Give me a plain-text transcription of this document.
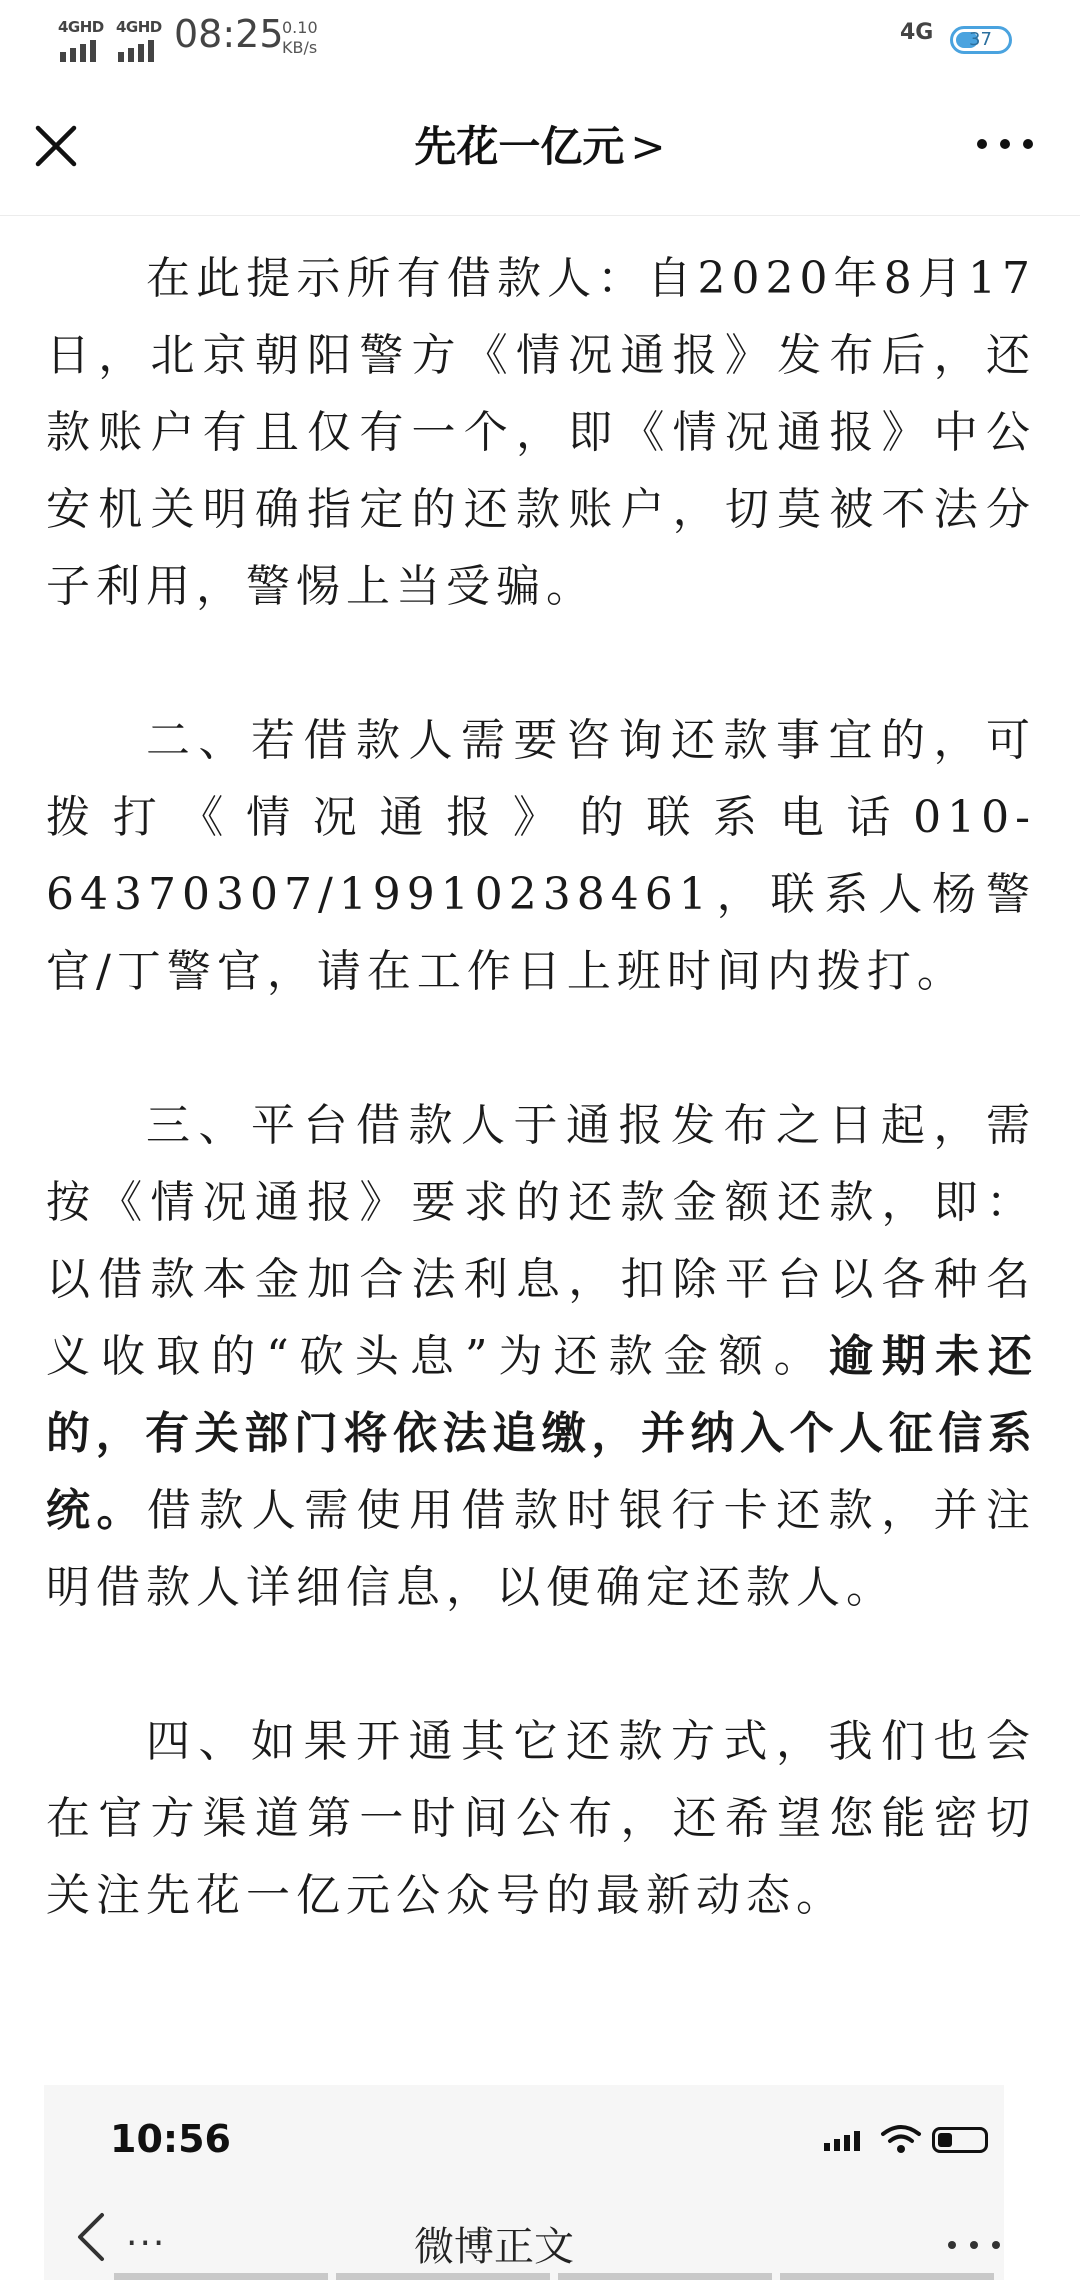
4GHD 4GHD 08:25
0.10
KB/s
4G 37
先花一亿元 >

在此提示所有借款人：自2020年8月17日，北京朝阳警方《情况通报》发布后，还款账户有且仅有一个，即《情况通报》中公安机关明确指定的还款账户，切莫被不法分子利用，警惕上当受骗。

二、若借款人需要咨询还款事宜的，可拨打《情况通报》的联系电话010-64370307/19910238461，联系人杨警官/丁警官，请在工作日上班时间内拨打。

三、平台借款人于通报发布之日起，需按《情况通报》要求的还款金额还款，即：以借款本金加合法利息，扣除平台以各种名义收取的“砍头息”为还款金额。逾期未还的，有关部门将依法追缴，并纳入个人征信系统。借款人需使用借款时银行卡还款，并注明借款人详细信息，以便确定还款人。

四、如果开通其它还款方式，我们也会在官方渠道第一时间公布，还希望您能密切关注先花一亿元公众号的最新动态。

10:56
...	微博正文
